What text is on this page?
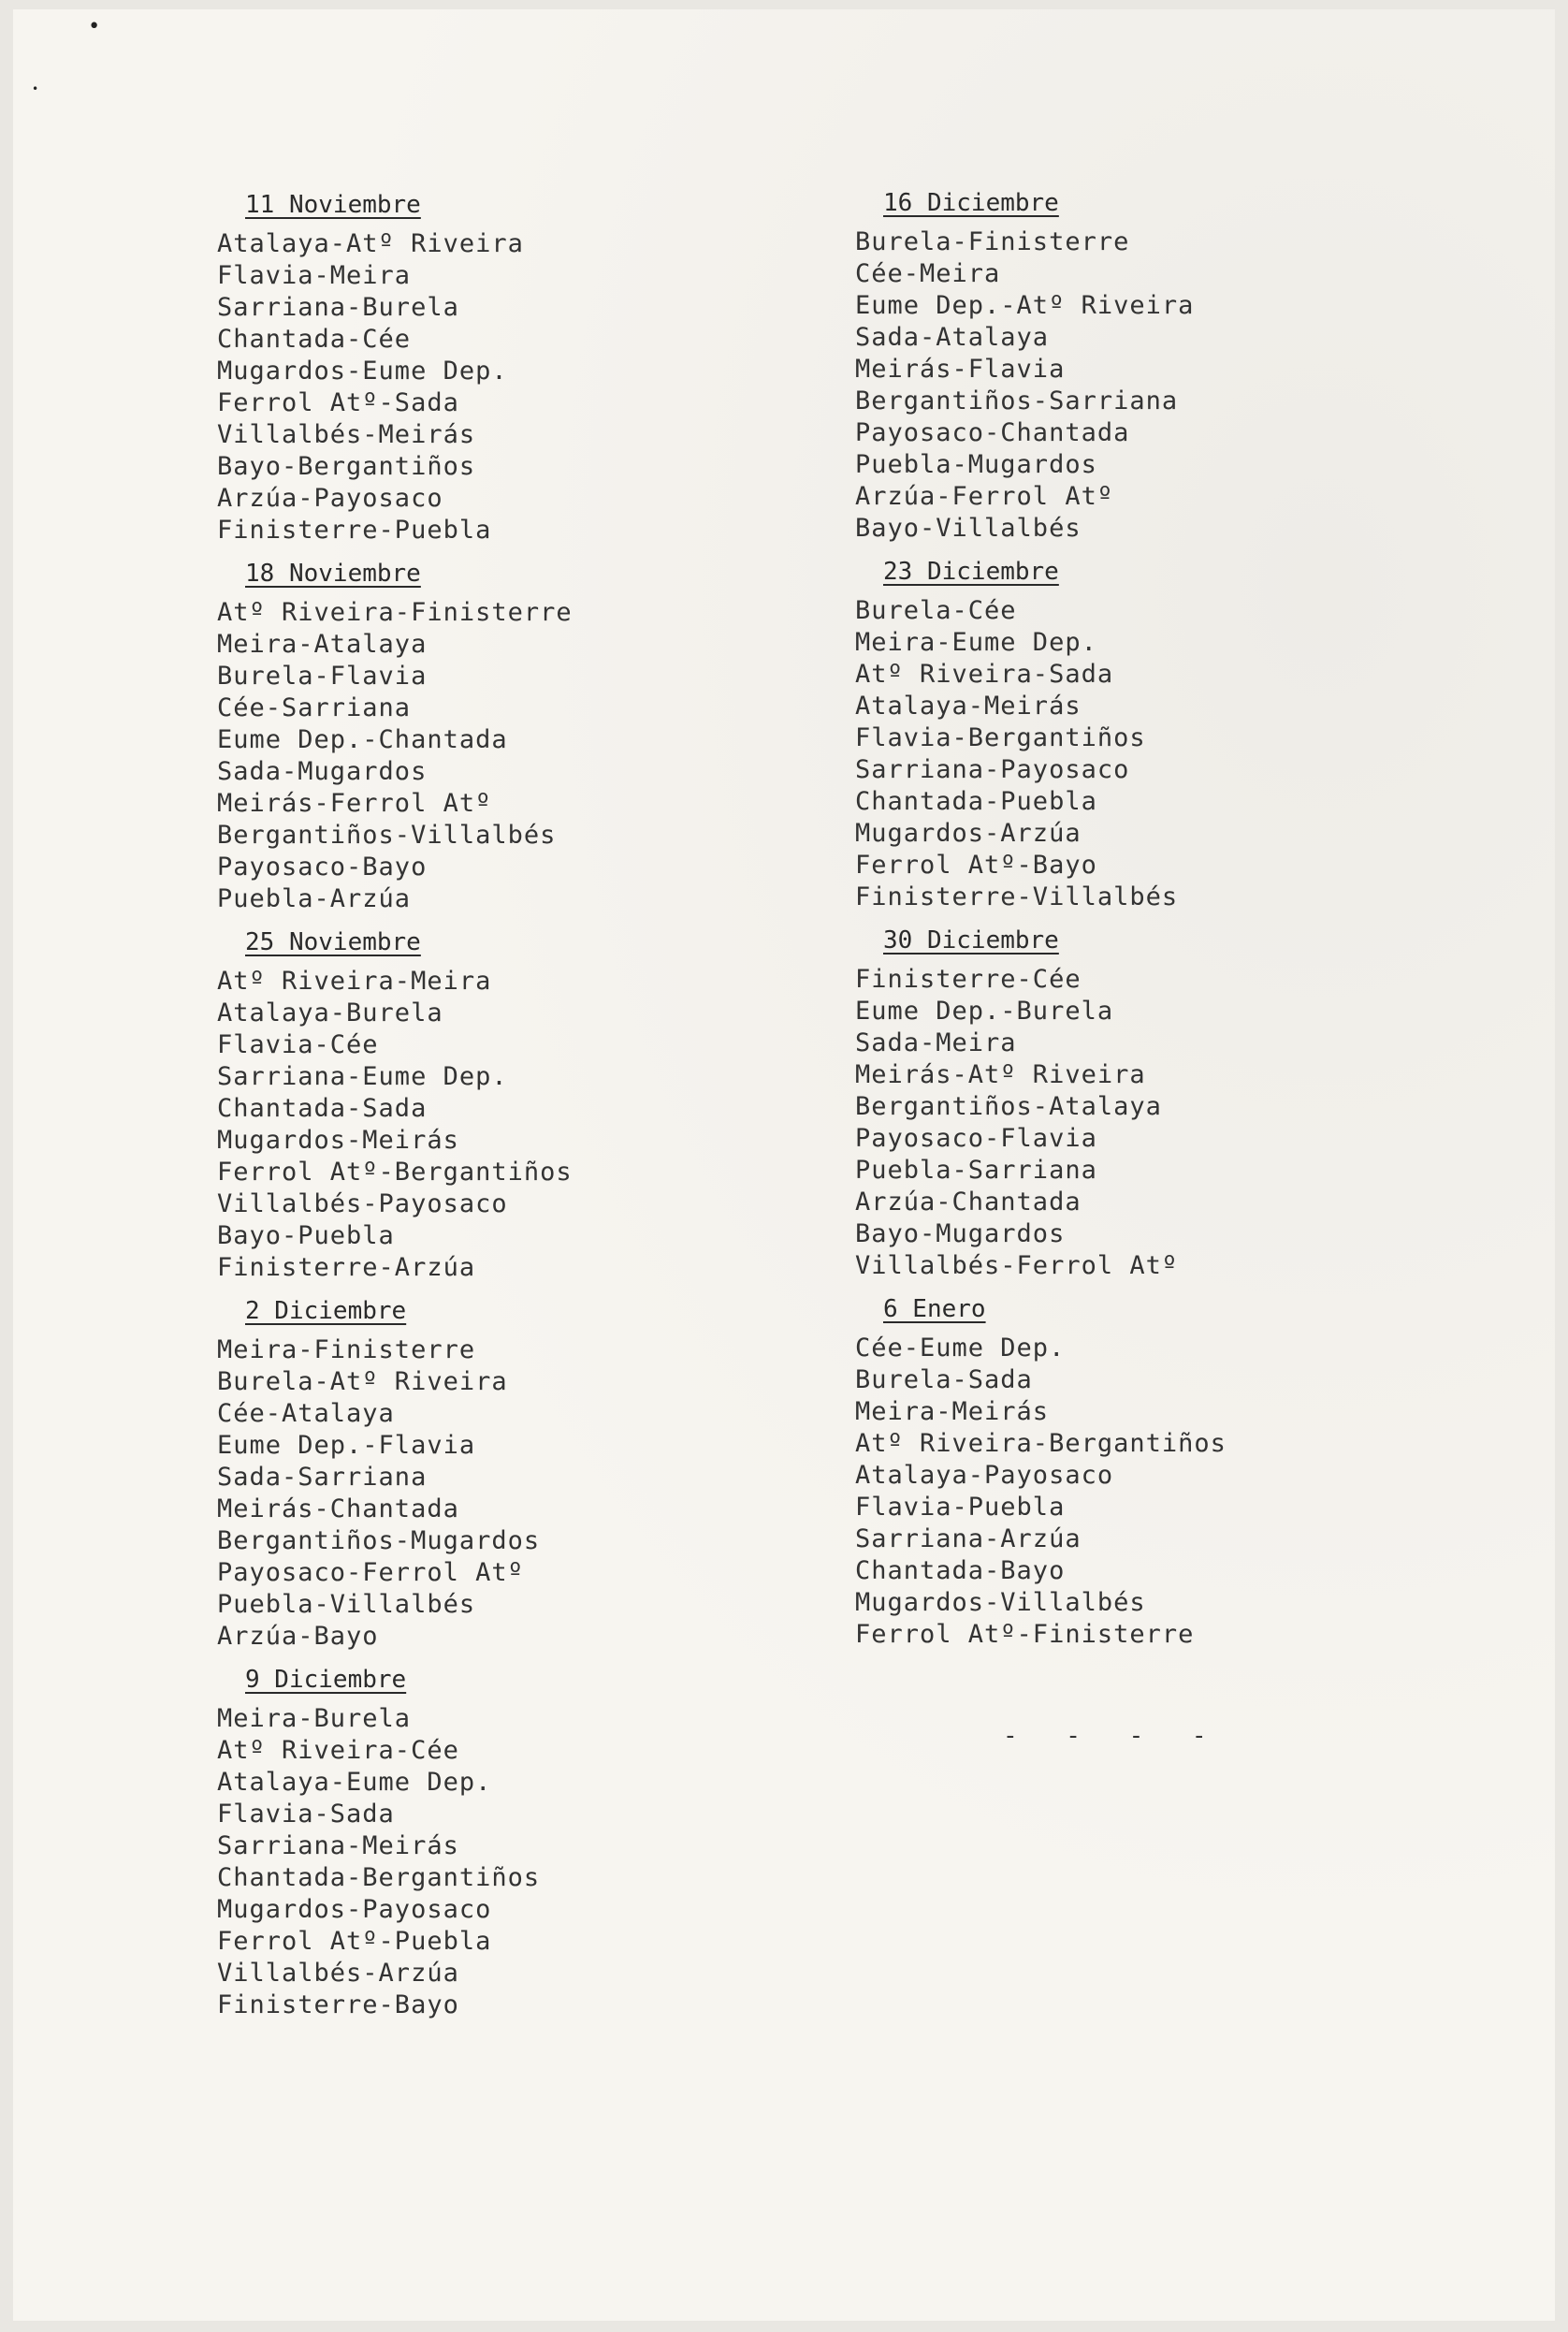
•
•
11 Noviembre
Atalaya-Atº Riveira
Flavia-Meira
Sarriana-Burela
Chantada-Cée
Mugardos-Eume Dep.
Ferrol Atº-Sada
Villalbés-Meirás
Bayo-Bergantiños
Arzúa-Payosaco
Finisterre-Puebla
18 Noviembre
Atº Riveira-Finisterre
Meira-Atalaya
Burela-Flavia
Cée-Sarriana
Eume Dep.-Chantada
Sada-Mugardos
Meirás-Ferrol Atº
Bergantiños-Villalbés
Payosaco-Bayo
Puebla-Arzúa
25 Noviembre
Atº Riveira-Meira
Atalaya-Burela
Flavia-Cée
Sarriana-Eume Dep.
Chantada-Sada
Mugardos-Meirás
Ferrol Atº-Bergantiños
Villalbés-Payosaco
Bayo-Puebla
Finisterre-Arzúa
2 Diciembre
Meira-Finisterre
Burela-Atº Riveira
Cée-Atalaya
Eume Dep.-Flavia
Sada-Sarriana
Meirás-Chantada
Bergantiños-Mugardos
Payosaco-Ferrol Atº
Puebla-Villalbés
Arzúa-Bayo
9 Diciembre
Meira-Burela
Atº Riveira-Cée
Atalaya-Eume Dep.
Flavia-Sada
Sarriana-Meirás
Chantada-Bergantiños
Mugardos-Payosaco
Ferrol Atº-Puebla
Villalbés-Arzúa
Finisterre-Bayo
16 Diciembre
Burela-Finisterre
Cée-Meira
Eume Dep.-Atº Riveira
Sada-Atalaya
Meirás-Flavia
Bergantiños-Sarriana
Payosaco-Chantada
Puebla-Mugardos
Arzúa-Ferrol Atº
Bayo-Villalbés
23 Diciembre
Burela-Cée
Meira-Eume Dep.
Atº Riveira-Sada
Atalaya-Meirás
Flavia-Bergantiños
Sarriana-Payosaco
Chantada-Puebla
Mugardos-Arzúa
Ferrol Atº-Bayo
Finisterre-Villalbés
30 Diciembre
Finisterre-Cée
Eume Dep.-Burela
Sada-Meira
Meirás-Atº Riveira
Bergantiños-Atalaya
Payosaco-Flavia
Puebla-Sarriana
Arzúa-Chantada
Bayo-Mugardos
Villalbés-Ferrol Atº
6 Enero
Cée-Eume Dep.
Burela-Sada
Meira-Meirás
Atº Riveira-Bergantiños
Atalaya-Payosaco
Flavia-Puebla
Sarriana-Arzúa
Chantada-Bayo
Mugardos-Villalbés
Ferrol Atº-Finisterre
- - - -
